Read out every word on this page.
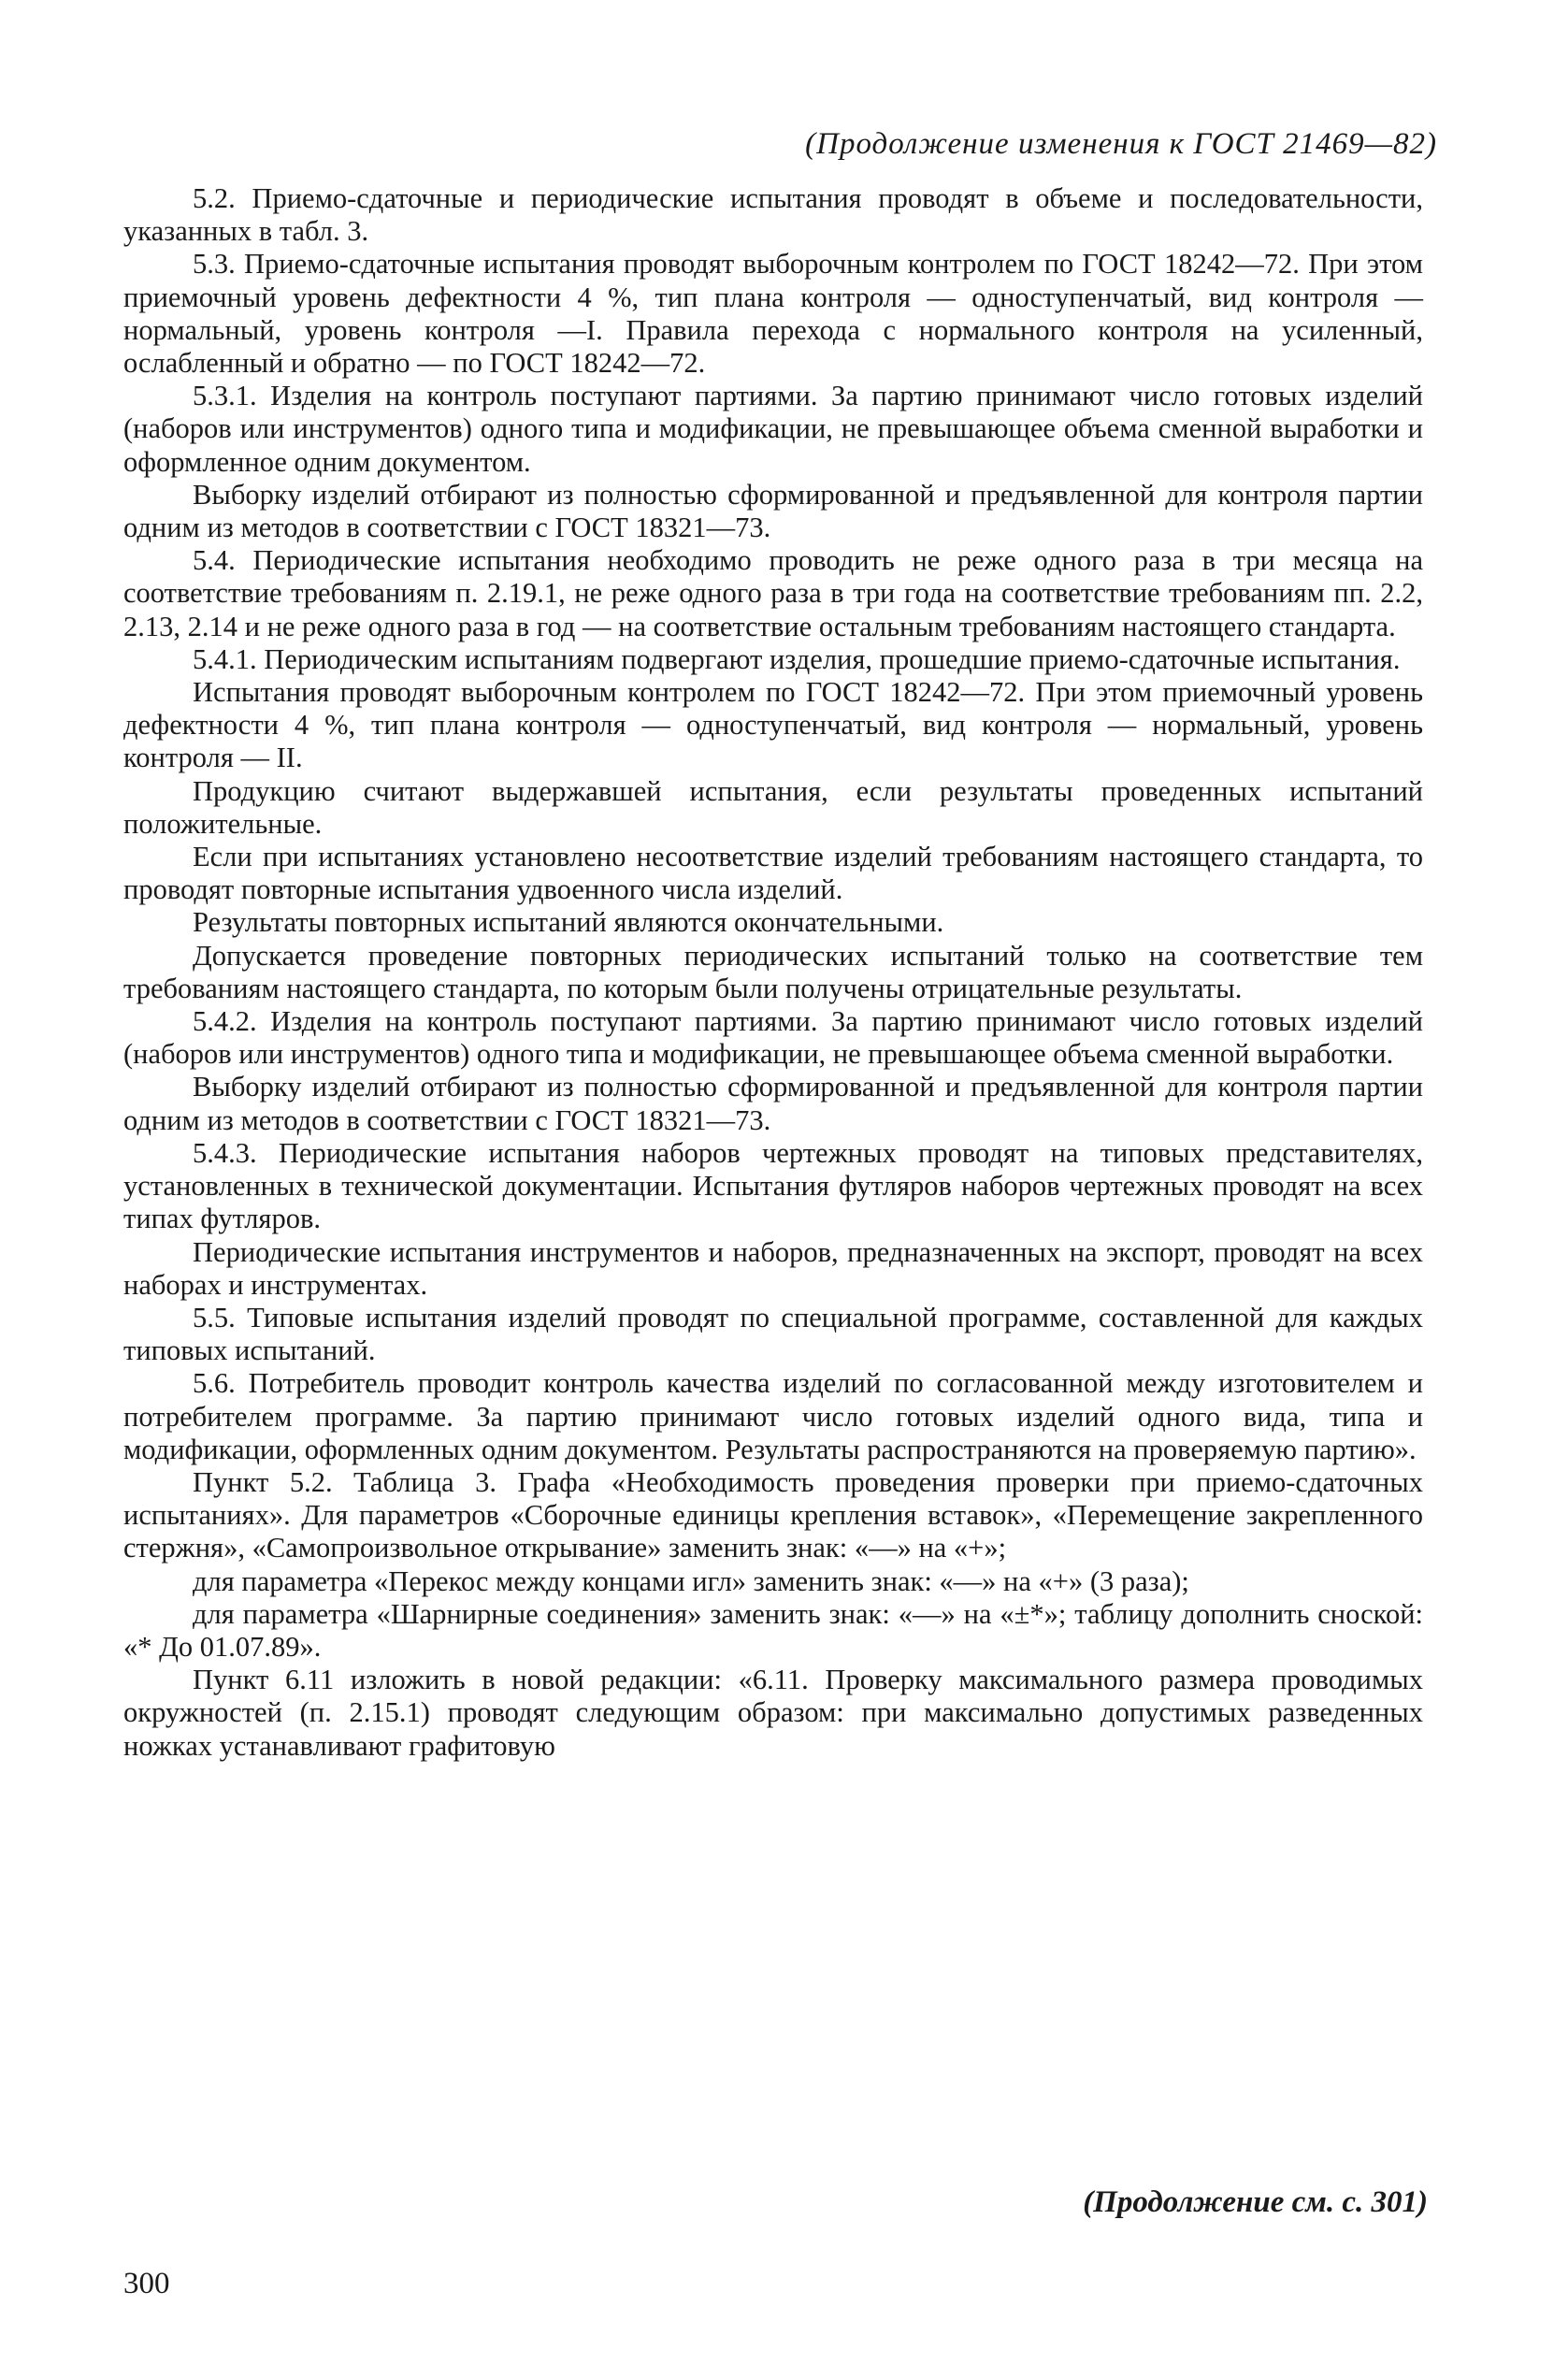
(Продолжение изменения к ГОСТ 21469—82)

5.2. Приемо-сдаточные и периодические испытания проводят в объеме и последовательности, указанных в табл. 3.

5.3. Приемо-сдаточные испытания проводят выборочным контролем по ГОСТ 18242—72. При этом приемочный уровень дефектности 4 %, тип плана контроля — одноступенчатый, вид контроля — нормальный, уровень контроля —I. Правила перехода с нормального контроля на усиленный, ослабленный и обратно — по ГОСТ 18242—72.

5.3.1. Изделия на контроль поступают партиями. За партию принимают число готовых изделий (наборов или инструментов) одного типа и модификации, не превышающее объема сменной выработки и оформленное одним документом.

Выборку изделий отбирают из полностью сформированной и предъявленной для контроля партии одним из методов в соответствии с ГОСТ 18321—73.

5.4. Периодические испытания необходимо проводить не реже одного раза в три месяца на соответствие требованиям п. 2.19.1, не реже одного раза в три года на соответствие требованиям пп. 2.2, 2.13, 2.14 и не реже одного раза в год — на соответствие остальным требованиям настоящего стандарта.

5.4.1. Периодическим испытаниям подвергают изделия, прошедшие приемо-сдаточные испытания.

Испытания проводят выборочным контролем по ГОСТ 18242—72. При этом приемочный уровень дефектности 4 %, тип плана контроля — одноступенчатый, вид контроля — нормальный, уровень контроля — II.

Продукцию считают выдержавшей испытания, если результаты проведенных испытаний положительные.

Если при испытаниях установлено несоответствие изделий требованиям настоящего стандарта, то проводят повторные испытания удвоенного числа изделий.

Результаты повторных испытаний являются окончательными.

Допускается проведение повторных периодических испытаний только на соответствие тем требованиям настоящего стандарта, по которым были получены отрицательные результаты.

5.4.2. Изделия на контроль поступают партиями. За партию принимают число готовых изделий (наборов или инструментов) одного типа и модификации, не превышающее объема сменной выработки.

Выборку изделий отбирают из полностью сформированной и предъявленной для контроля партии одним из методов в соответствии с ГОСТ 18321—73.

5.4.3. Периодические испытания наборов чертежных проводят на типовых представителях, установленных в технической документации. Испытания футляров наборов чертежных проводят на всех типах футляров.

Периодические испытания инструментов и наборов, предназначенных на экспорт, проводят на всех наборах и инструментах.

5.5. Типовые испытания изделий проводят по специальной программе, составленной для каждых типовых испытаний.

5.6. Потребитель проводит контроль качества изделий по согласованной между изготовителем и потребителем программе. За партию принимают число готовых изделий одного вида, типа и модификации, оформленных одним документом. Результаты распространяются на проверяемую партию».

Пункт 5.2. Таблица 3. Графа «Необходимость проведения проверки при приемо-сдаточных испытаниях». Для параметров «Сборочные единицы крепления вставок», «Перемещение закрепленного стержня», «Самопроизвольное открывание» заменить знак: «—» на «+»;

для параметра «Перекос между концами игл» заменить знак: «—» на «+» (3 раза);

для параметра «Шарнирные соединения» заменить знак: «—» на «±*»; таблицу дополнить сноской: «* До 01.07.89».

Пункт 6.11 изложить в новой редакции: «6.11. Проверку максимального размера проводимых окружностей (п. 2.15.1) проводят следующим образом: при максимально допустимых разведенных ножках устанавливают графитовую

(Продолжение см. с. 301)

300
